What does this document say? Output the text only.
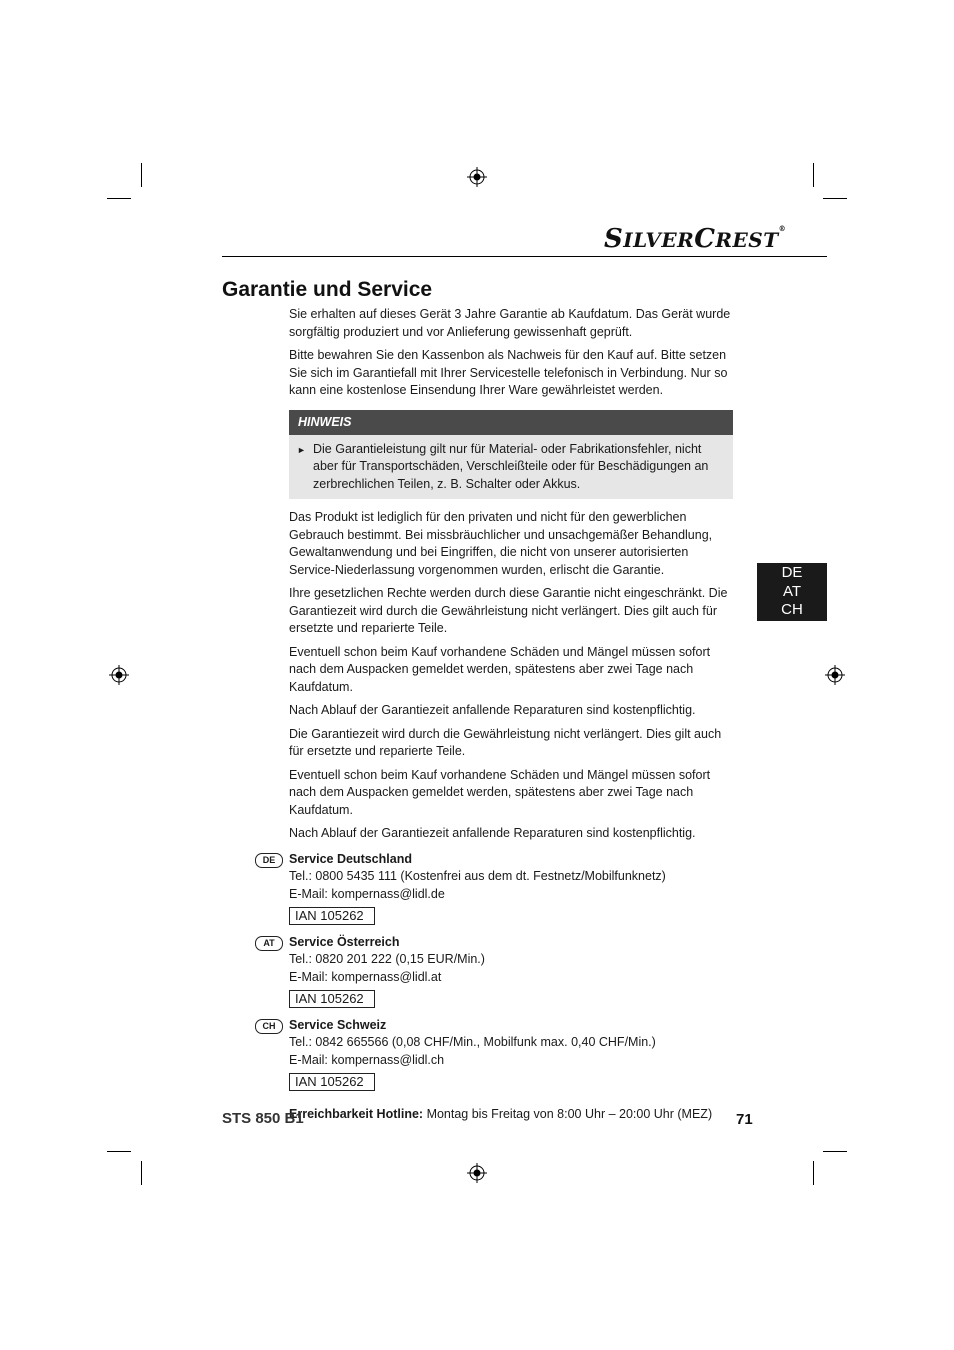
SILVERCREST®
Garantie und Service

Sie erhalten auf dieses Gerät 3 Jahre Garantie ab Kaufdatum. Das Gerät wurde sorgfältig produziert und vor Anlieferung gewissenhaft geprüft.

Bitte bewahren Sie den Kassenbon als Nachweis für den Kauf auf. Bitte setzen Sie sich im Garantiefall mit Ihrer Servicestelle telefonisch in Verbindung. Nur so kann eine kostenlose Einsendung Ihrer Ware gewährleistet werden.

HINWEIS
► Die Garantieleistung gilt nur für Material- oder Fabrikationsfehler, nicht aber für Transportschäden, Verschleißteile oder für Beschädigungen an zerbrechlichen Teilen, z. B. Schalter oder Akkus.

Das Produkt ist lediglich für den privaten und nicht für den gewerblichen Gebrauch bestimmt. Bei missbräuchlicher und unsachgemäßer Behandlung, Gewaltanwendung und bei Eingriffen, die nicht von unserer autorisierten Service-Niederlassung vorgenommen wurden, erlischt die Garantie.

Ihre gesetzlichen Rechte werden durch diese Garantie nicht eingeschränkt. Die Garantiezeit wird durch die Gewährleistung nicht verlängert. Dies gilt auch für ersetzte und reparierte Teile.

Eventuell schon beim Kauf vorhandene Schäden und Mängel müssen sofort nach dem Auspacken gemeldet werden, spätestens aber zwei Tage nach Kaufdatum.

Nach Ablauf der Garantiezeit anfallende Reparaturen sind kostenpflichtig.

Die Garantiezeit wird durch die Gewährleistung nicht verlängert. Dies gilt auch für ersetzte und reparierte Teile.

Eventuell schon beim Kauf vorhandene Schäden und Mängel müssen sofort nach dem Auspacken gemeldet werden, spätestens aber zwei Tage nach Kaufdatum.

Nach Ablauf der Garantiezeit anfallende Reparaturen sind kostenpflichtig.

DE	Service Deutschland
Tel.: 0800 5435 111 (Kostenfrei aus dem dt. Festnetz/Mobilfunknetz)
E-Mail: kompernass@lidl.de
IAN 105262
AT	Service Österreich
Tel.: 0820 201 222 (0,15 EUR/Min.)
E-Mail: kompernass@lidl.at
IAN 105262
CH	Service Schweiz
Tel.: 0842 665566 (0,08 CHF/Min., Mobilfunk max. 0,40 CHF/Min.)
E-Mail: kompernass@lidl.ch
IAN 105262
Erreichbarkeit Hotline: Montag bis Freitag von 8:00 Uhr – 20:00 Uhr (MEZ)
DE
AT
CH
STS 850 B1	71
